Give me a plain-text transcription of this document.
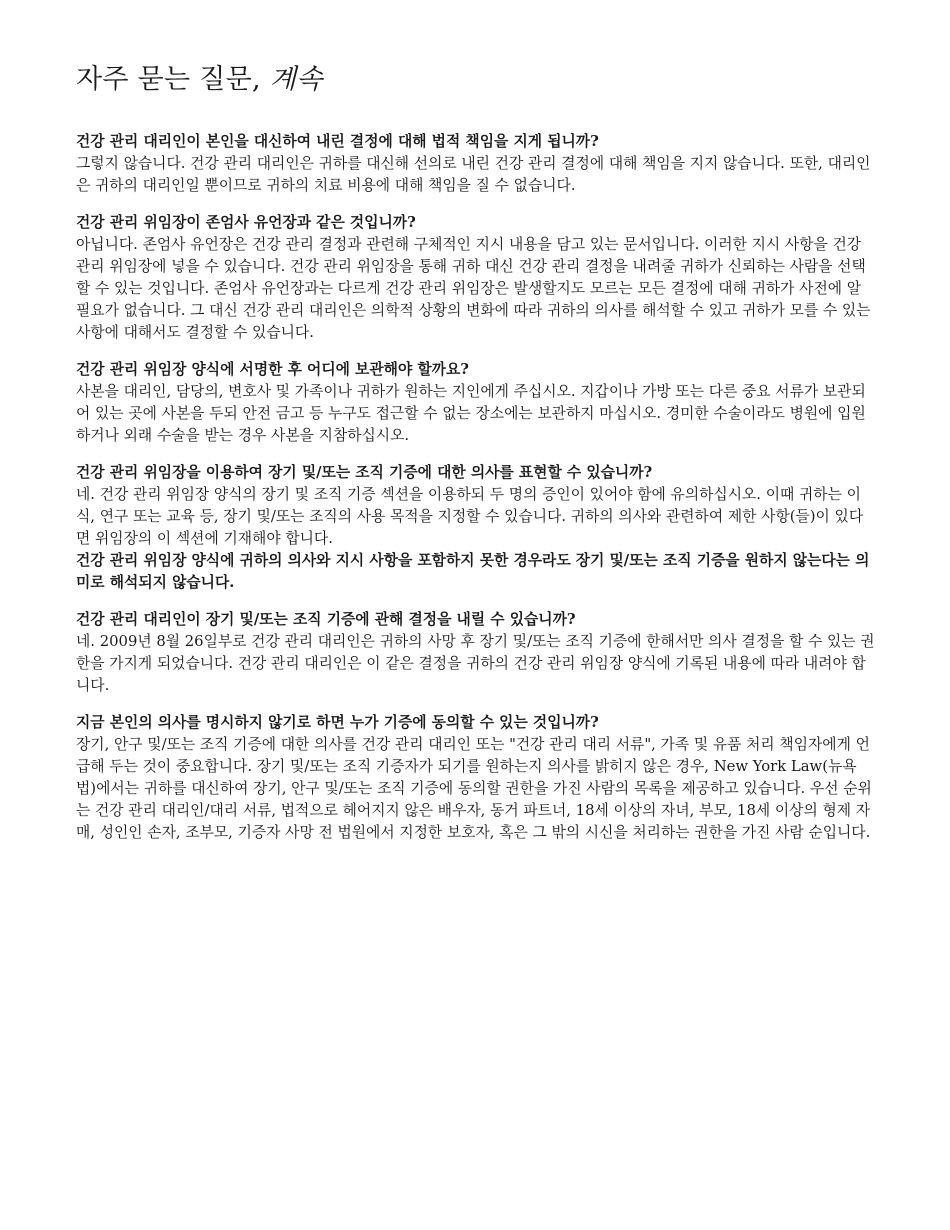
자주 묻는 질문, 계속

건강 관리 대리인이 본인을 대신하여 내린 결정에 대해 법적 책임을 지게 됩니까?

그렇지 않습니다. 건강 관리 대리인은 귀하를 대신해 선의로 내린 건강 관리 결정에 대해 책임을 지지 않습니다. 또한, 대리인은 귀하의 대리인일 뿐이므로 귀하의 치료 비용에 대해 책임을 질 수 없습니다.

건강 관리 위임장이 존엄사 유언장과 같은 것입니까?

아닙니다. 존엄사 유언장은 건강 관리 결정과 관련해 구체적인 지시 내용을 담고 있는 문서입니다. 이러한 지시 사항을 건강 관리 위임장에 넣을 수 있습니다. 건강 관리 위임장을 통해 귀하 대신 건강 관리 결정을 내려줄 귀하가 신뢰하는 사람을 선택할 수 있는 것입니다. 존엄사 유언장과는 다르게 건강 관리 위임장은 발생할지도 모르는 모든 결정에 대해 귀하가 사전에 알 필요가 없습니다. 그 대신 건강 관리 대리인은 의학적 상황의 변화에 따라 귀하의 의사를 해석할 수 있고 귀하가 모를 수 있는 사항에 대해서도 결정할 수 있습니다.

건강 관리 위임장 양식에 서명한 후 어디에 보관해야 할까요?

사본을 대리인, 담당의, 변호사 및 가족이나 귀하가 원하는 지인에게 주십시오. 지갑이나 가방 또는 다른 중요 서류가 보관되어 있는 곳에 사본을 두되 안전 금고 등 누구도 접근할 수 없는 장소에는 보관하지 마십시오. 경미한 수술이라도 병원에 입원하거나 외래 수술을 받는 경우 사본을 지참하십시오.

건강 관리 위임장을 이용하여 장기 및/또는 조직 기증에 대한 의사를 표현할 수 있습니까?

네. 건강 관리 위임장 양식의 장기 및 조직 기증 섹션을 이용하되 두 명의 증인이 있어야 함에 유의하십시오. 이때 귀하는 이식, 연구 또는 교육 등, 장기 및/또는 조직의 사용 목적을 지정할 수 있습니다. 귀하의 의사와 관련하여 제한 사항(들)이 있다면 위임장의 이 섹션에 기재해야 합니다.

건강 관리 위임장 양식에 귀하의 의사와 지시 사항을 포함하지 못한 경우라도 장기 및/또는 조직 기증을 원하지 않는다는 의미로 해석되지 않습니다.

건강 관리 대리인이 장기 및/또는 조직 기증에 관해 결정을 내릴 수 있습니까?

네. 2009년 8월 26일부로 건강 관리 대리인은 귀하의 사망 후 장기 및/또는 조직 기증에 한해서만 의사 결정을 할 수 있는 권한을 가지게 되었습니다. 건강 관리 대리인은 이 같은 결정을 귀하의 건강 관리 위임장 양식에 기록된 내용에 따라 내려야 합니다.

지금 본인의 의사를 명시하지 않기로 하면 누가 기증에 동의할 수 있는 것입니까?

장기, 안구 및/또는 조직 기증에 대한 의사를 건강 관리 대리인 또는 "건강 관리 대리 서류", 가족 및 유품 처리 책임자에게 언급해 두는 것이 중요합니다. 장기 및/또는 조직 기증자가 되기를 원하는지 의사를 밝히지 않은 경우, New York Law(뉴욕 법)에서는 귀하를 대신하여 장기, 안구 및/또는 조직 기증에 동의할 권한을 가진 사람의 목록을 제공하고 있습니다. 우선 순위는 건강 관리 대리인/대리 서류, 법적으로 헤어지지 않은 배우자, 동거 파트너, 18세 이상의 자녀, 부모, 18세 이상의 형제 자매, 성인인 손자, 조부모, 기증자 사망 전 법원에서 지정한 보호자, 혹은 그 밖의 시신을 처리하는 권한을 가진 사람 순입니다.
